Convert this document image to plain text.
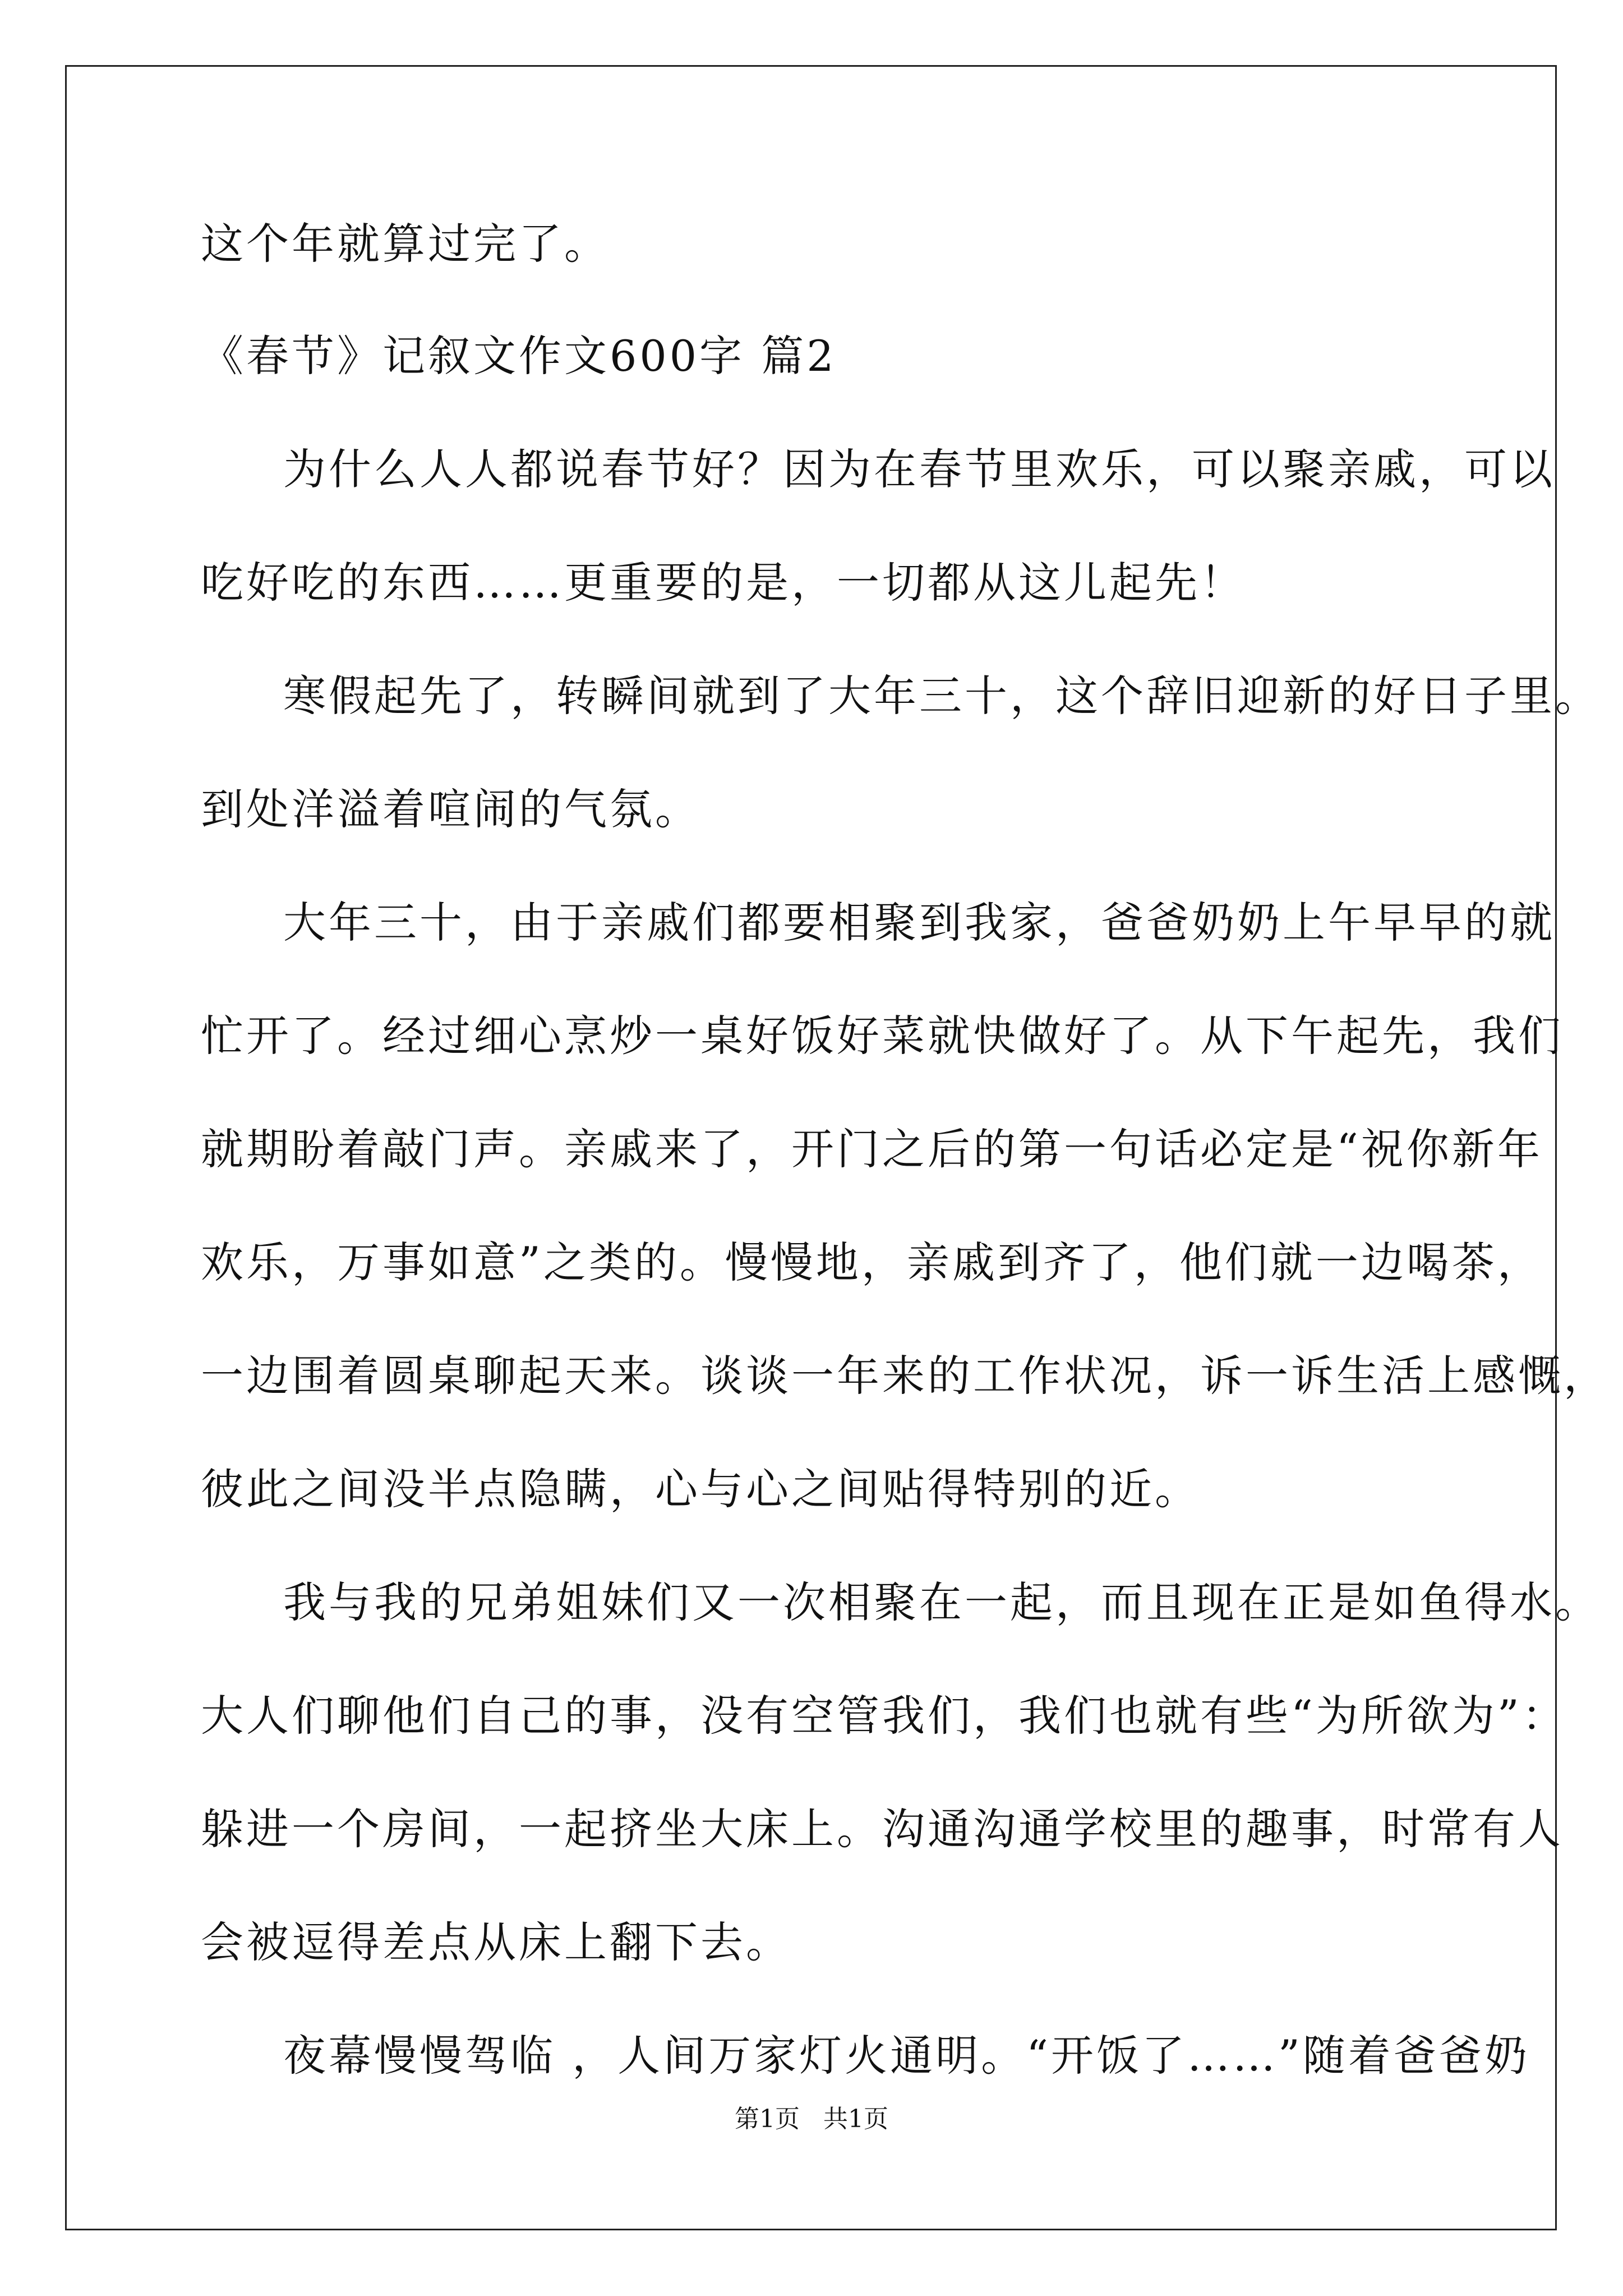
这个年就算过完了。
《春节》记叙文作文600字 篇2
为什么人人都说春节好？因为在春节里欢乐，可以聚亲戚，可以
吃好吃的东西……更重要的是，一切都从这儿起先！
寒假起先了，转瞬间就到了大年三十，这个辞旧迎新的好日子里。
到处洋溢着喧闹的气氛。
大年三十，由于亲戚们都要相聚到我家，爸爸奶奶上午早早的就
忙开了。经过细心烹炒一桌好饭好菜就快做好了。从下午起先，我们
就期盼着敲门声。亲戚来了，开门之后的第一句话必定是“祝你新年
欢乐，万事如意”之类的。慢慢地，亲戚到齐了，他们就一边喝茶，
一边围着圆桌聊起天来。谈谈一年来的工作状况，诉一诉生活上感慨，
彼此之间没半点隐瞒，心与心之间贴得特别的近。
我与我的兄弟姐妹们又一次相聚在一起，而且现在正是如鱼得水。
大人们聊他们自己的事，没有空管我们，我们也就有些“为所欲为”：
躲进一个房间，一起挤坐大床上。沟通沟通学校里的趣事，时常有人
会被逗得差点从床上翻下去。
夜幕慢慢驾临 ，人间万家灯火通明。“开饭了……”随着爸爸奶
第1页   共1页
